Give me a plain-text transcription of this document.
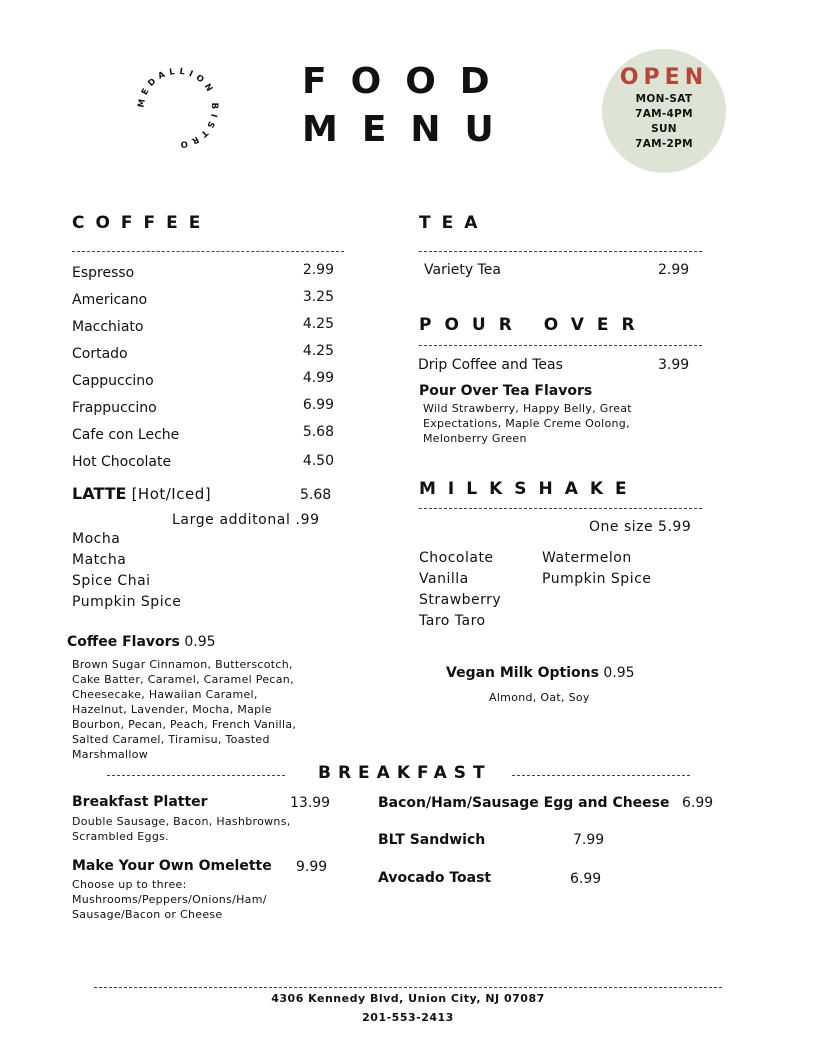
MEDALLION BISTRO
FOOD
MENU
OPEN
MON-SAT
7AM-4PM
SUN
7AM-2PM
COFFEE
Espresso	2.99
Americano	3.25
Macchiato	4.25
Cortado	4.25
Cappuccino	4.99
Frappuccino	6.99
Cafe con Leche	5.68
Hot Chocolate	4.50
LATTE [Hot/Iced]	5.68
Large additonal .99
Mocha
Matcha
Spice Chai
Pumpkin Spice
Coffee Flavors 0.95
Brown Sugar Cinnamon, Butterscotch,
Cake Batter, Caramel, Caramel Pecan,
Cheesecake, Hawaiian Caramel,
Hazelnut, Lavender, Mocha, Maple
Bourbon, Pecan, Peach, French Vanilla,
Salted Caramel, Tiramisu, Toasted
Marshmallow
TEA
Variety Tea	2.99
POUR OVER
Drip Coffee and Teas	3.99
Pour Over Tea Flavors
Wild Strawberry, Happy Belly, Great
Expectations, Maple Creme Oolong,
Melonberry Green
MILKSHAKE
One size 5.99
Chocolate
Vanilla
Strawberry
Taro Taro
Watermelon
Pumpkin Spice
Vegan Milk Options 0.95
Almond, Oat, Soy
BREAKFAST
Breakfast Platter	13.99
Double Sausage, Bacon, Hashbrowns,
Scrambled Eggs.
Make Your Own Omelette 9.99
Choose up to three:
Mushrooms/Peppers/Onions/Ham/
Sausage/Bacon or Cheese
Bacon/Ham/Sausage Egg and Cheese 6.99
BLT Sandwich	7.99
Avocado Toast	6.99
4306 Kennedy Blvd, Union City, NJ 07087
201-553-2413
